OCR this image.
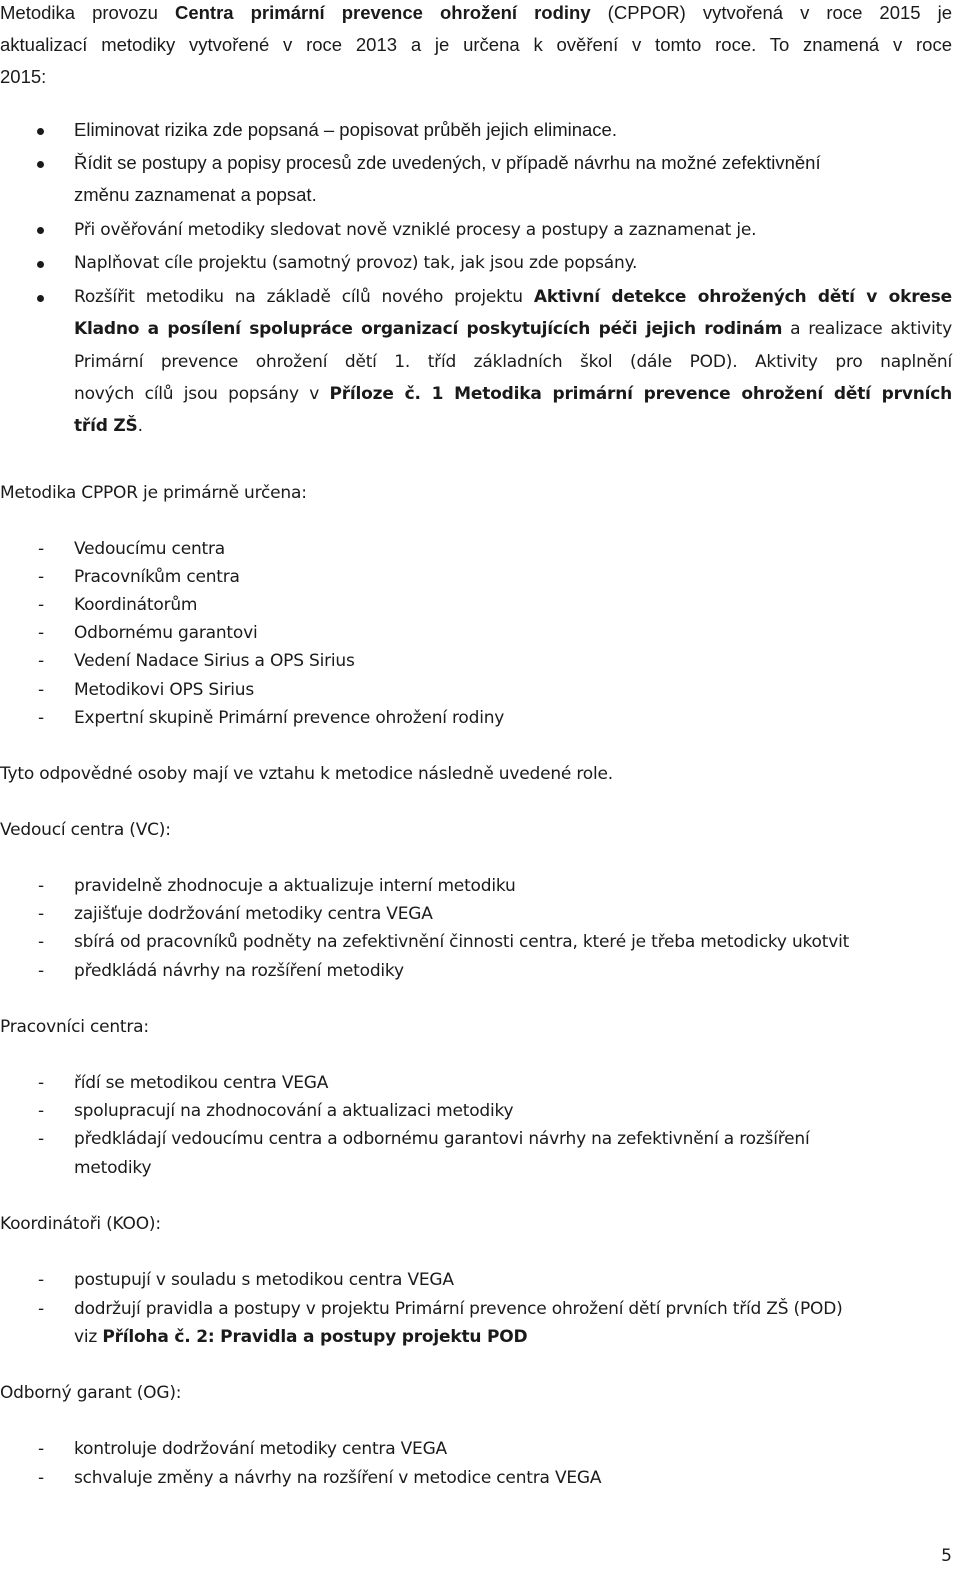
Metodika provozu Centra primární prevence ohrožení rodiny (CPPOR) vytvořená v roce 2015 je
aktualizací metodiky vytvořené v roce 2013 a je určena k ověření v tomto roce. To znamená v roce
2015:
Eliminovat rizika zde popsaná – popisovat průběh jejich eliminace.
Řídit se postupy a popisy procesů zde uvedených, v případě návrhu na možné zefektivnění
změnu zaznamenat a popsat.
Při ověřování metodiky sledovat nově vzniklé procesy a postupy a zaznamenat je.
Naplňovat cíle projektu (samotný provoz) tak, jak jsou zde popsány.
Rozšířit metodiku na základě cílů nového projektu Aktivní detekce ohrožených dětí v okrese
Kladno a posílení spolupráce organizací poskytujících péči jejich rodinám a realizace aktivity
Primární prevence ohrožení dětí 1. tříd základních škol (dále POD). Aktivity pro naplnění
nových cílů jsou popsány v Příloze č. 1 Metodika primární prevence ohrožení dětí prvních
tříd ZŠ.
Metodika CPPOR je primárně určena:
- Vedoucímu centra
- Pracovníkům centra
- Koordinátorům
- Odbornému garantovi
- Vedení Nadace Sirius a OPS Sirius
- Metodikovi OPS Sirius
- Expertní skupině Primární prevence ohrožení rodiny
Tyto odpovědné osoby mají ve vztahu k metodice následně uvedené role.
Vedoucí centra (VC):
- pravidelně zhodnocuje a aktualizuje interní metodiku
- zajišťuje dodržování metodiky centra VEGA
- sbírá od pracovníků podněty na zefektivnění činnosti centra, které je třeba metodicky ukotvit
- předkládá návrhy na rozšíření metodiky
Pracovníci centra:
- řídí se metodikou centra VEGA
- spolupracují na zhodnocování a aktualizaci metodiky
- předkládají vedoucímu centra a odbornému garantovi návrhy na zefektivnění a rozšíření
metodiky
Koordinátoři (KOO):
- postupují v souladu s metodikou centra VEGA
- dodržují pravidla a postupy v projektu Primární prevence ohrožení dětí prvních tříd ZŠ (POD)
viz Příloha č. 2: Pravidla a postupy projektu POD
Odborný garant (OG):
- kontroluje dodržování metodiky centra VEGA
- schvaluje změny a návrhy na rozšíření v metodice centra VEGA
5
